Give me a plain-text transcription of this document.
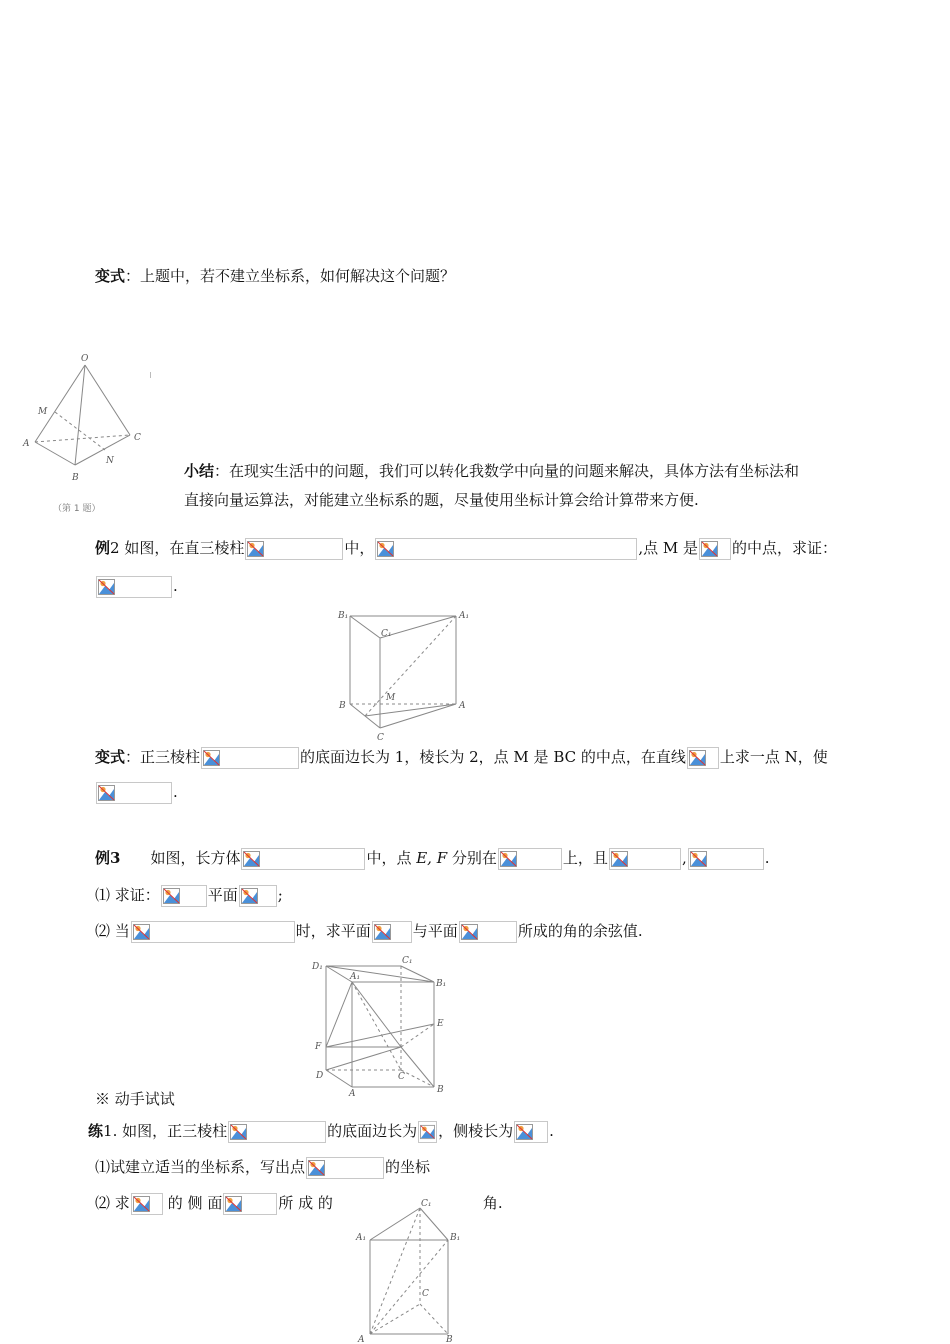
变式：上题中，若不建立坐标系，如何解决这个问题？
O
M
A
C
N
B
（第 1 题）
小结：在现实生活中的问题，我们可以转化我数学中向量的问题来解决，具体方法有坐标法和
直接向量运算法，对能建立坐标系的题，尽量使用坐标计算会给计算带来方便.
例2 如图，在直三棱柱	中，	,点 M 是 的中点，求证：
.
B₁	A₁
C₁
M
B	A
C
变式：正三棱柱	的底面边长为 1，棱长为 2，点 M 是 BC 的中点，在直线 上求一点 N，使
.
例3 如图，长方体	中，点 E, F 分别在	上，且	,	.
⑴ 求证：	平面	;
⑵ 当	时，求平面	与平面	所成的角的余弦值.
D₁
C₁
A₁
B₁
E
F
D	C
A	B
※ 动手试试
练1. 如图，正三棱柱	的底面边长为 ，侧棱长为 .
⑴试建立适当的坐标系，写出点	的坐标
⑵ 求	的 侧 面	所 成 的	角.
C₁
A₁	B₁
C
A	B
